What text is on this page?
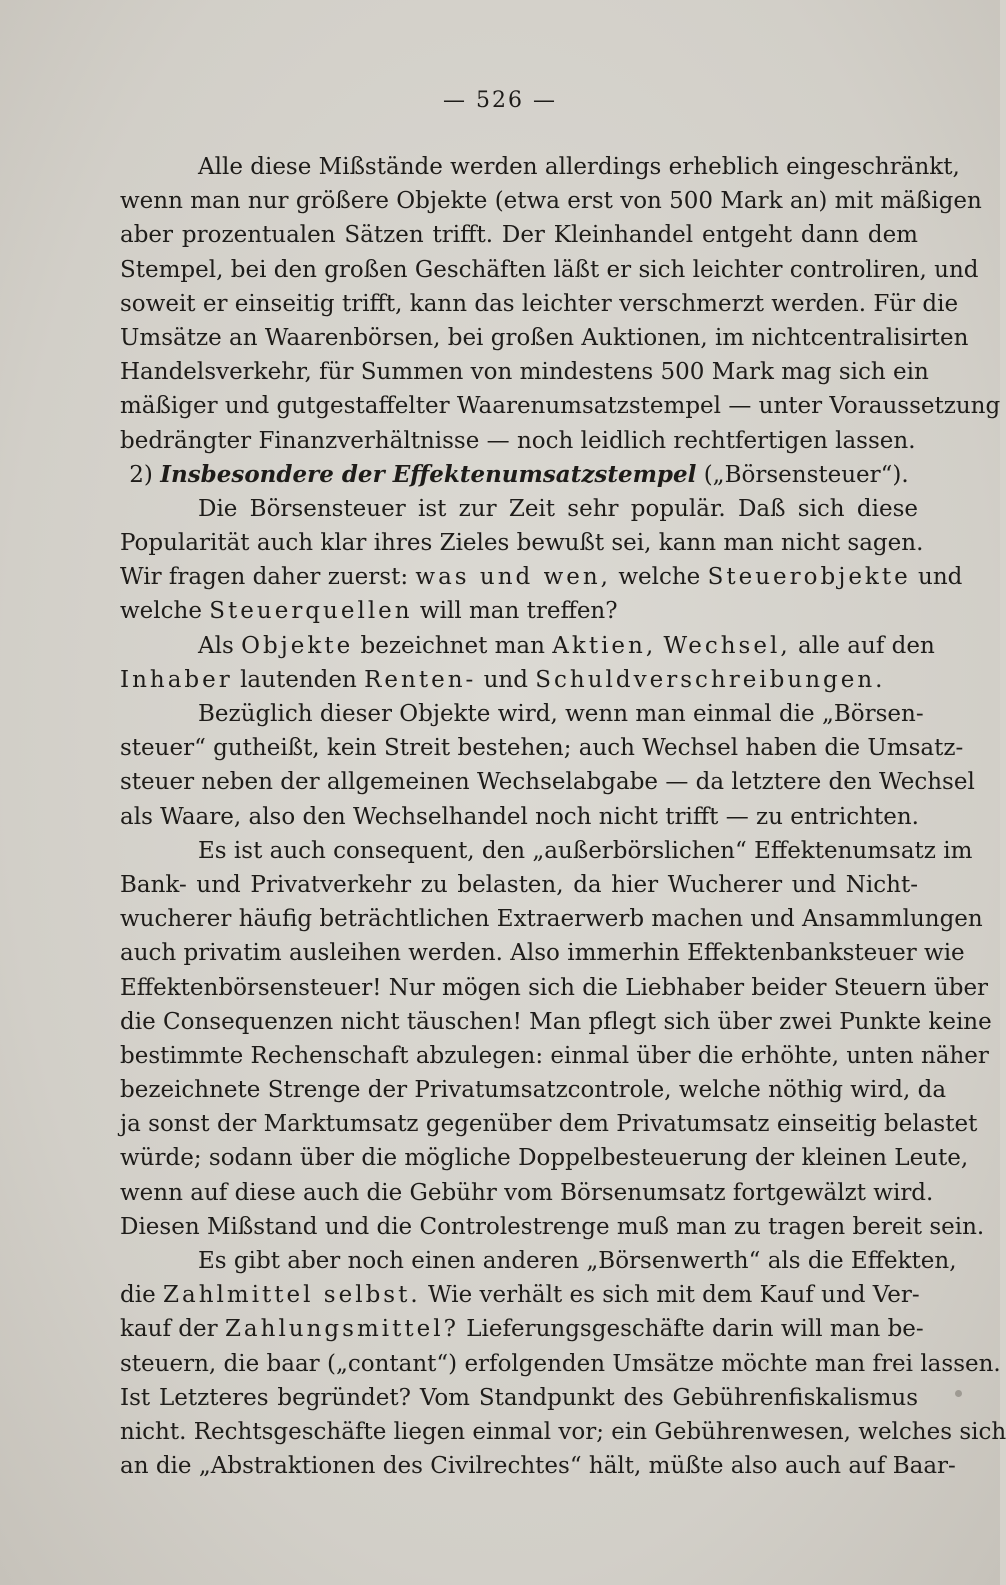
— 526 —
Alle diese Mißstände werden allerdings erheblich eingeschränkt,
wenn man nur größere Objekte (etwa erst von 500 Mark an) mit mäßigen
aber prozentualen Sätzen trifft. Der Kleinhandel entgeht dann dem
Stempel, bei den großen Geschäften läßt er sich leichter controliren, und
soweit er einseitig trifft, kann das leichter verschmerzt werden. Für die
Umsätze an Waarenbörsen, bei großen Auktionen, im nichtcentralisirten
Handelsverkehr, für Summen von mindestens 500 Mark mag sich ein
mäßiger und gutgestaffelter Waarenumsatzstempel — unter Voraussetzung
bedrängter Finanzverhältnisse — noch leidlich rechtfertigen lassen.
2) Insbesondere der Effektenumsatzstempel („Börsensteuer“).
Die Börsensteuer ist zur Zeit sehr populär. Daß sich diese
Popularität auch klar ihres Zieles bewußt sei, kann man nicht sagen.
Wir fragen daher zuerst: was und wen, welche Steuerobjekte und
welche Steuerquellen will man treffen?
Als Objekte bezeichnet man Aktien, Wechsel, alle auf den
Inhaber lautenden Renten- und Schuldverschreibungen.
Bezüglich dieser Objekte wird, wenn man einmal die „Börsen-
steuer“ gutheißt, kein Streit bestehen; auch Wechsel haben die Umsatz-
steuer neben der allgemeinen Wechselabgabe — da letztere den Wechsel
als Waare, also den Wechselhandel noch nicht trifft — zu entrichten.
Es ist auch consequent, den „außerbörslichen“ Effektenumsatz im
Bank- und Privatverkehr zu belasten, da hier Wucherer und Nicht-
wucherer häufig beträchtlichen Extraerwerb machen und Ansammlungen
auch privatim ausleihen werden. Also immerhin Effektenbanksteuer wie
Effektenbörsensteuer! Nur mögen sich die Liebhaber beider Steuern über
die Consequenzen nicht täuschen! Man pflegt sich über zwei Punkte keine
bestimmte Rechenschaft abzulegen: einmal über die erhöhte, unten näher
bezeichnete Strenge der Privatumsatzcontrole, welche nöthig wird, da
ja sonst der Marktumsatz gegenüber dem Privatumsatz einseitig belastet
würde; sodann über die mögliche Doppelbesteuerung der kleinen Leute,
wenn auf diese auch die Gebühr vom Börsenumsatz fortgewälzt wird.
Diesen Mißstand und die Controlestrenge muß man zu tragen bereit sein.
Es gibt aber noch einen anderen „Börsenwerth“ als die Effekten,
die Zahlmittel selbst. Wie verhält es sich mit dem Kauf und Ver-
kauf der Zahlungsmittel? Lieferungsgeschäfte darin will man be-
steuern, die baar („contant“) erfolgenden Umsätze möchte man frei lassen.
Ist Letzteres begründet? Vom Standpunkt des Gebührenfiskalismus
nicht. Rechtsgeschäfte liegen einmal vor; ein Gebührenwesen, welches sich
an die „Abstraktionen des Civilrechtes“ hält, müßte also auch auf Baar-
